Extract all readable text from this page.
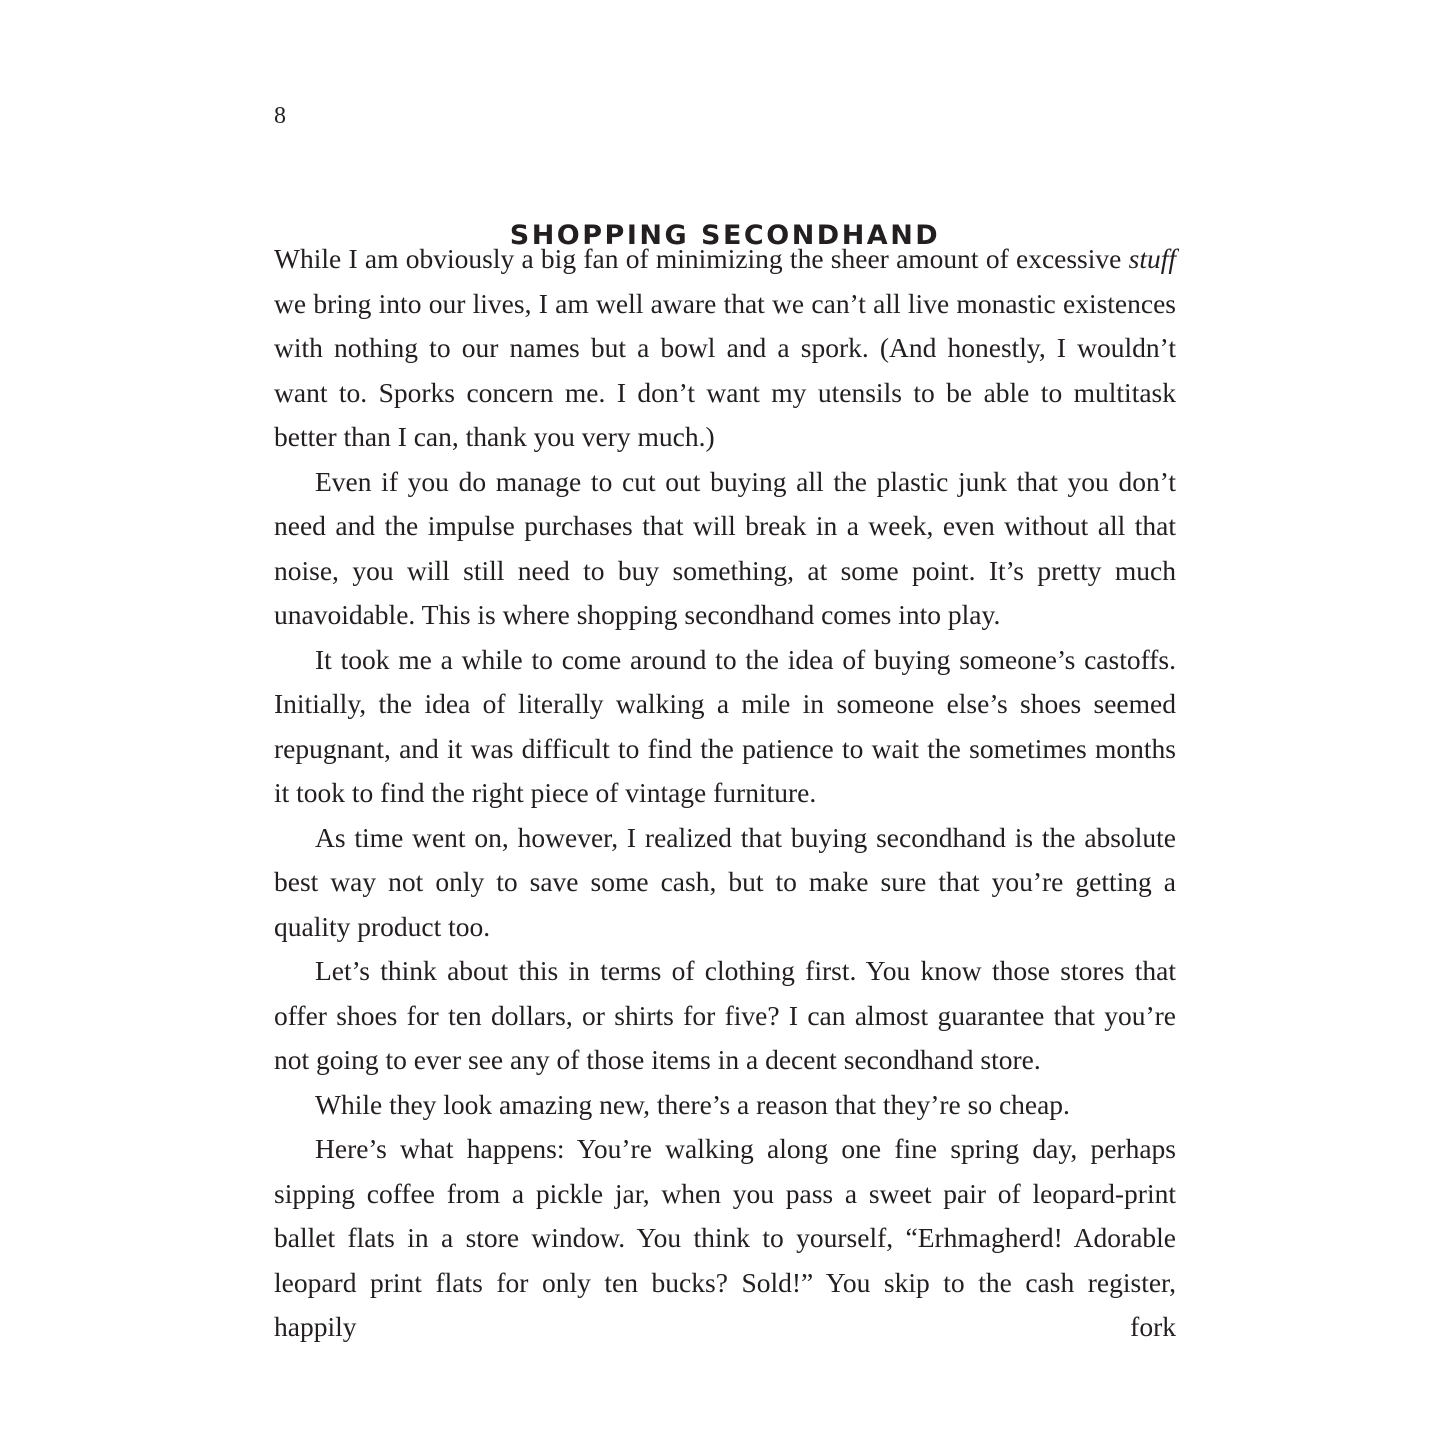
8
SHOPPING SECONDHAND

While I am obviously a big fan of minimizing the sheer amount of excessive stuff we bring into our lives, I am well aware that we can’t all live monastic existences with nothing to our names but a bowl and a spork. (And honestly, I wouldn’t want to. Sporks concern me. I don’t want my utensils to be able to multitask better than I can, thank you very much.)

Even if you do manage to cut out buying all the plastic junk that you don’t need and the impulse purchases that will break in a week, even without all that noise, you will still need to buy something, at some point. It’s pretty much unavoidable. This is where shopping secondhand comes into play.

It took me a while to come around to the idea of buying someone’s castoffs. Initially, the idea of literally walking a mile in someone else’s shoes seemed repugnant, and it was difficult to find the patience to wait the sometimes months it took to find the right piece of vintage furniture.

As time went on, however, I realized that buying secondhand is the absolute best way not only to save some cash, but to make sure that you’re getting a quality product too.

Let’s think about this in terms of clothing first. You know those stores that offer shoes for ten dollars, or shirts for five? I can almost guarantee that you’re not going to ever see any of those items in a decent secondhand store.

While they look amazing new, there’s a reason that they’re so cheap.

Here’s what happens: You’re walking along one fine spring day, perhaps sipping coffee from a pickle jar, when you pass a sweet pair of leopard-print ballet flats in a store window. You think to yourself, “Erhmagherd! Adorable leopard print flats for only ten bucks? Sold!” You skip to the cash register, happily fork
